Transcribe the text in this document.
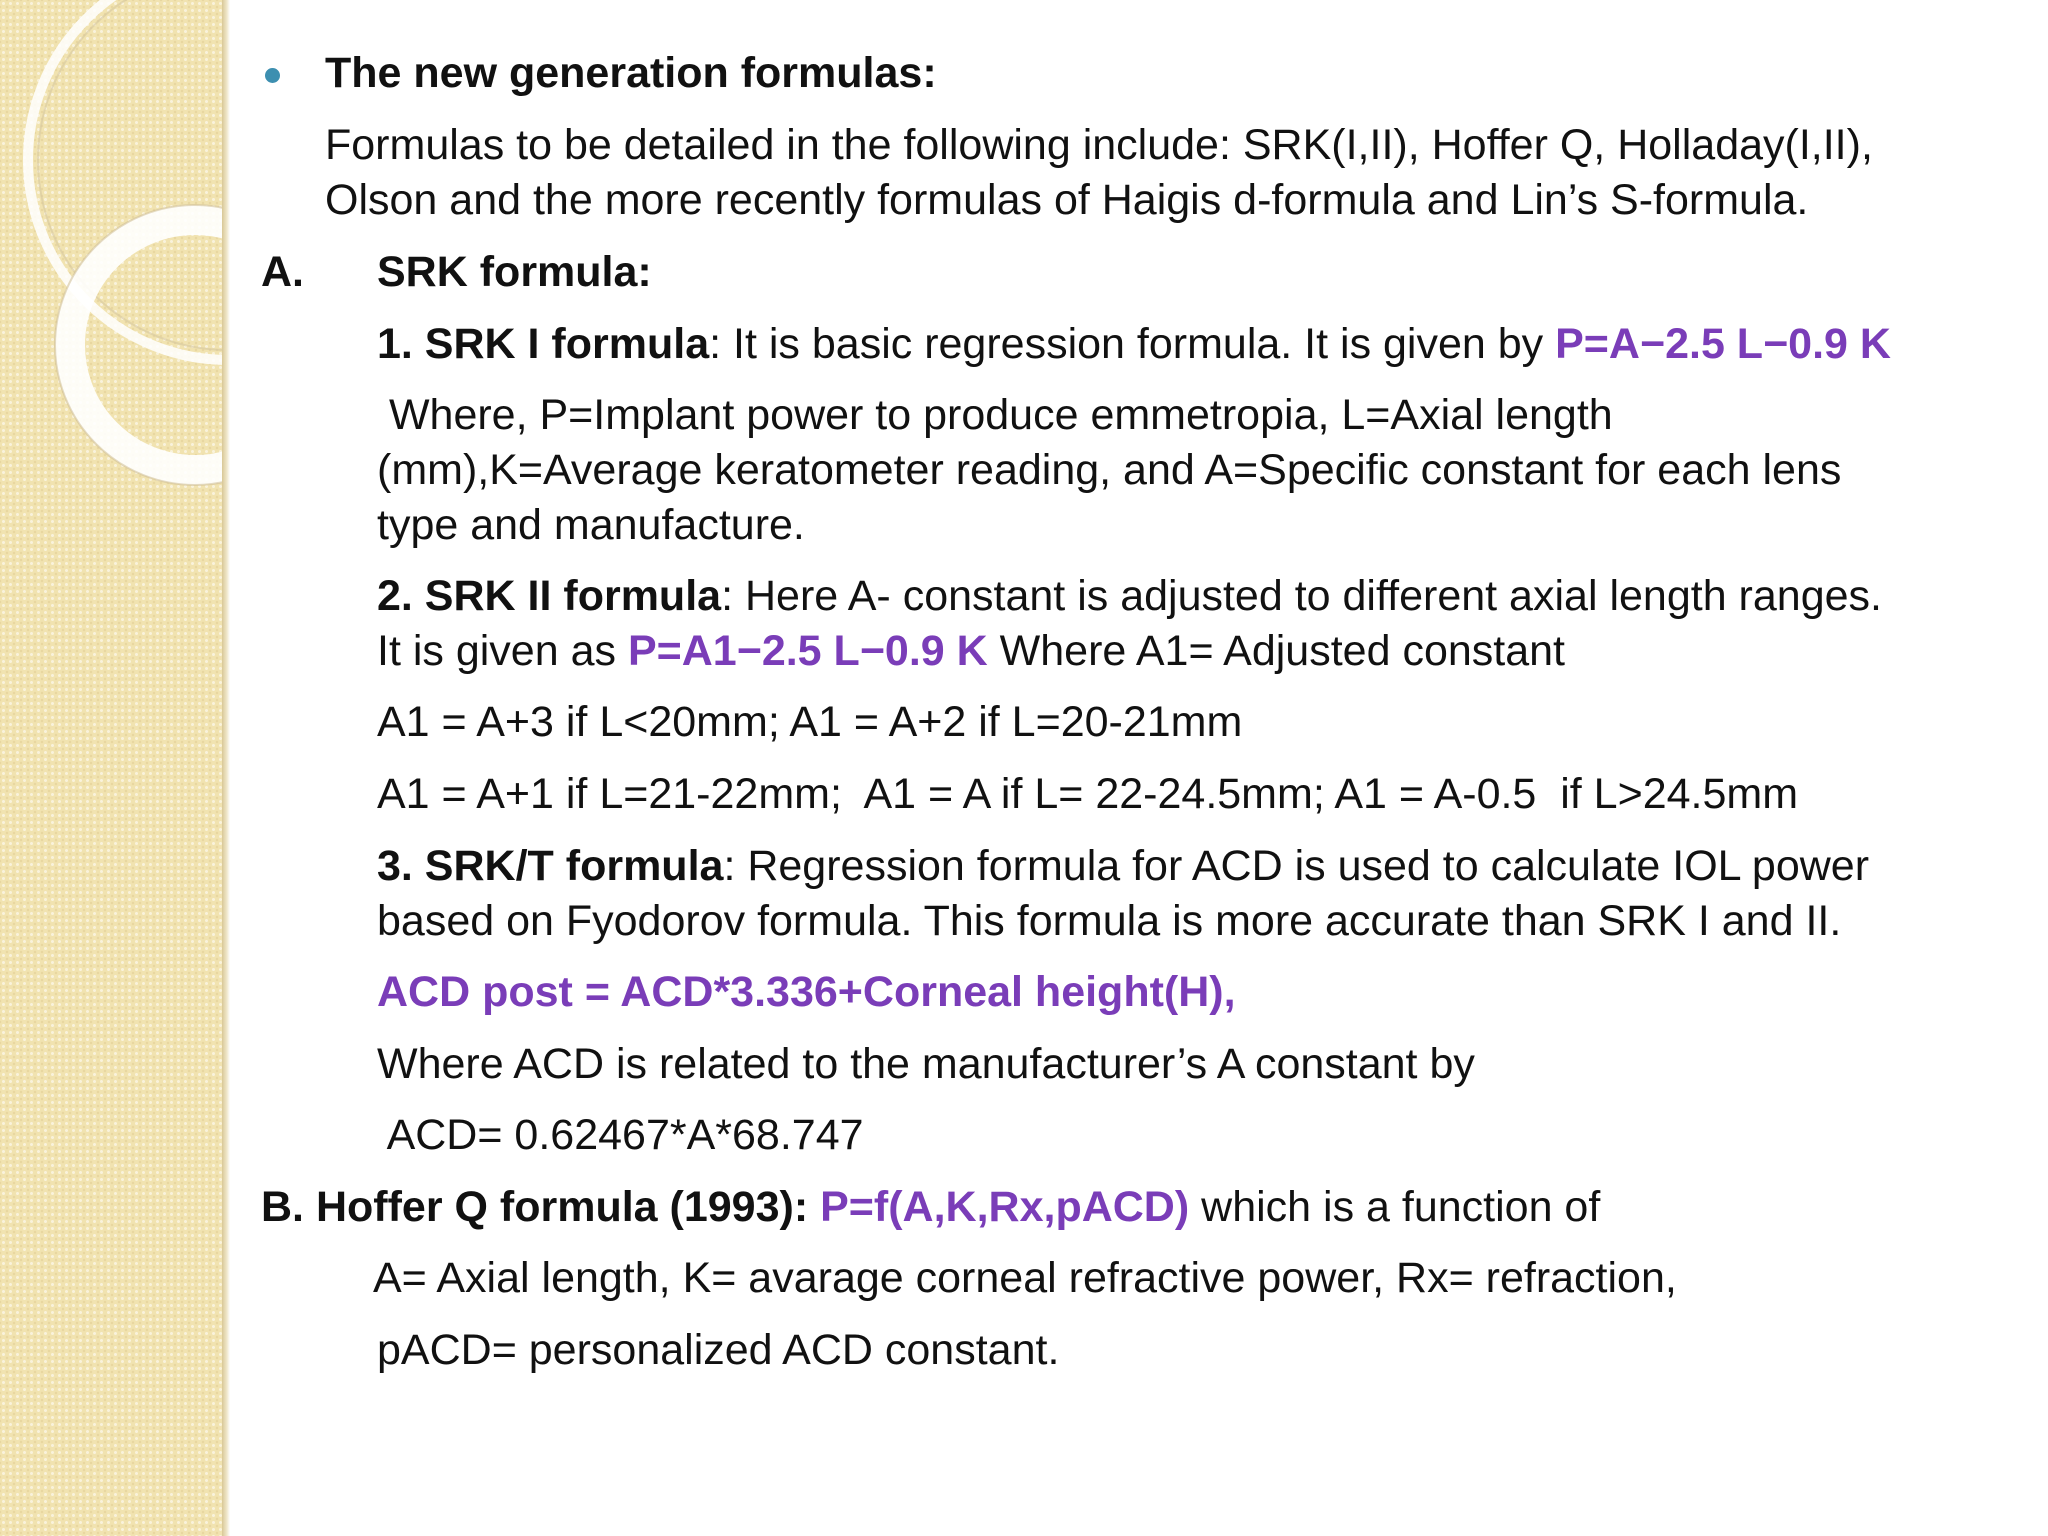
The new generation formulas:
Formulas to be detailed in the following include: SRK(I,II), Hoffer Q, Holladay(I,II),
Olson and the more recently formulas of Haigis d-formula and Lin’s S-formula.
A. SRK formula:
1. SRK I formula: It is basic regression formula. It is given by P=A−2.5 L−0.9 K
Where, P=Implant power to produce emmetropia, L=Axial length
(mm),K=Average keratometer reading, and A=Specific constant for each lens
type and manufacture.
2. SRK II formula: Here A- constant is adjusted to different axial length ranges.
It is given as P=A1−2.5 L−0.9 K Where A1= Adjusted constant
A1 = A+3 if L<20mm; A1 = A+2 if L=20-21mm
A1 = A+1 if L=21-22mm;  A1 = A if L= 22-24.5mm; A1 = A-0.5  if L>24.5mm
3. SRK/T formula: Regression formula for ACD is used to calculate IOL power
based on Fyodorov formula. This formula is more accurate than SRK I and II.
ACD post = ACD*3.336+Corneal height(H),
Where ACD is related to the manufacturer’s A constant by
ACD= 0.62467*A*68.747
B. Hoffer Q formula (1993): P=f(A,K,Rx,pACD) which is a function of
A= Axial length, K= avarage corneal refractive power, Rx= refraction,
pACD= personalized ACD constant.
